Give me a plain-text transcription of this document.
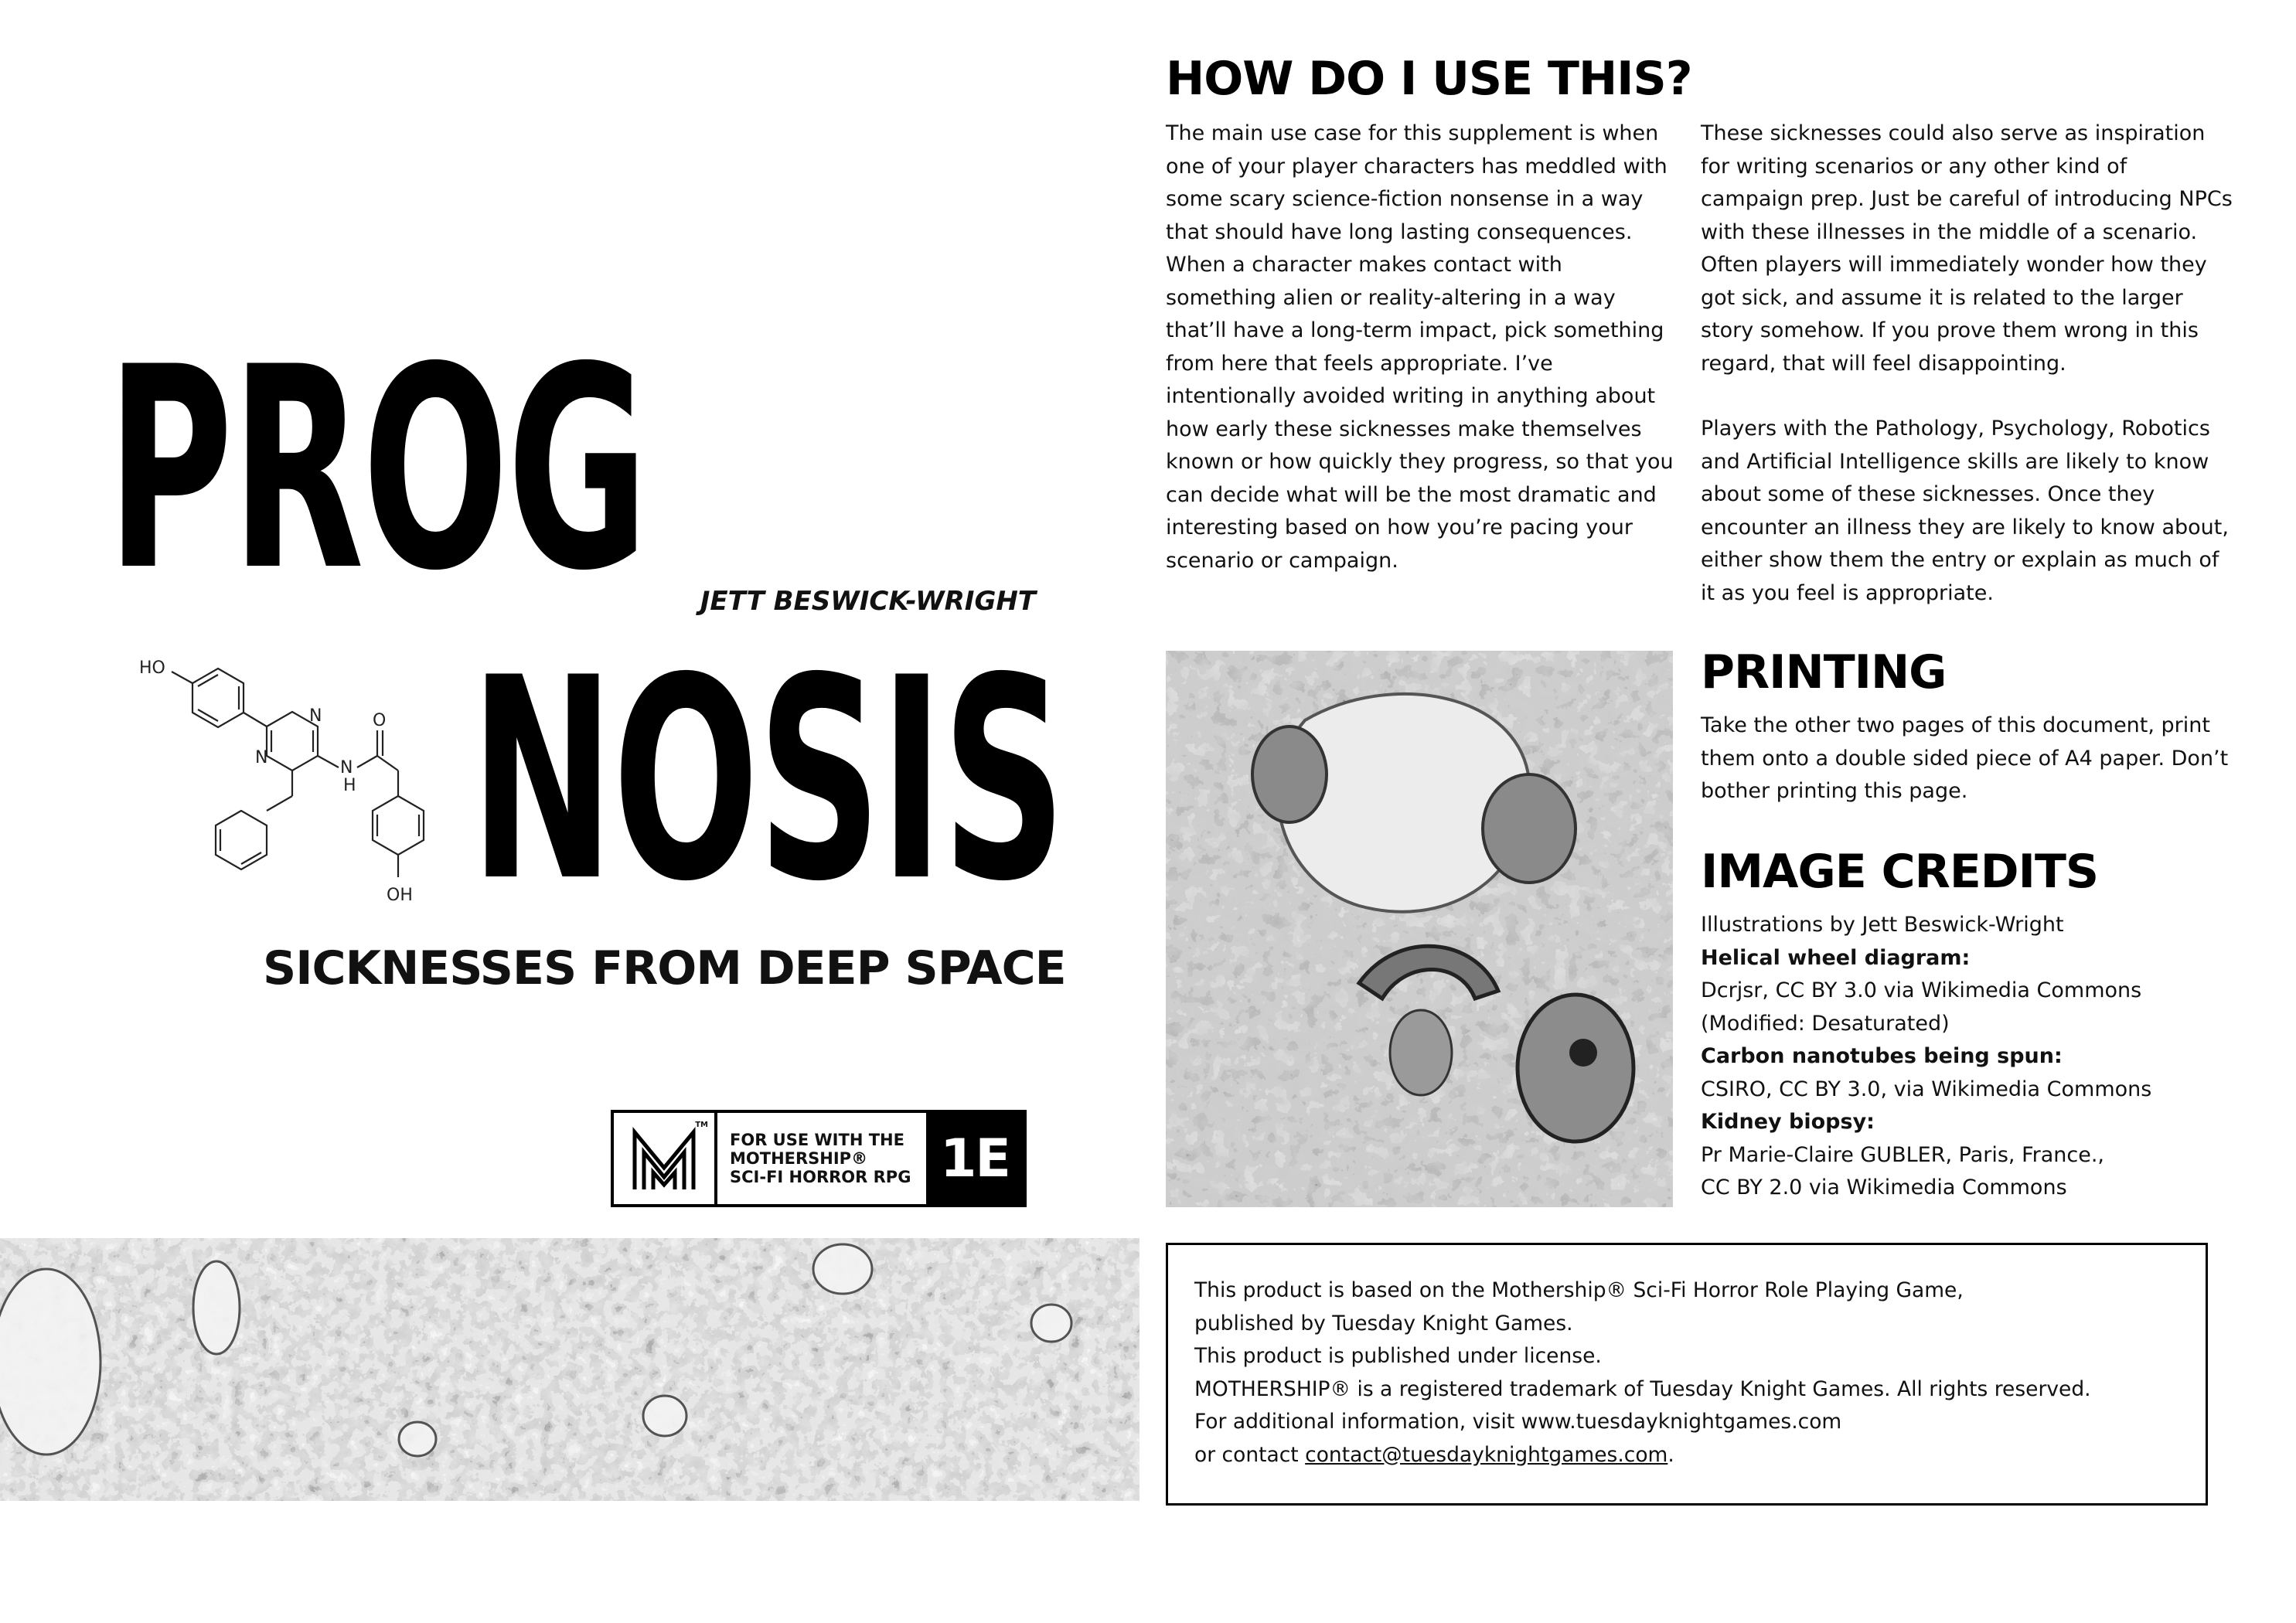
PROG	JETT BESWICK-WRIGHT
HO
N
N
O
N
H
OH NOSIS
SICKNESSES FROM DEEP SPACE
TM
FOR USE WITH THE
MOTHERSHIP®
SCI-FI HORROR RPG 1E
HOW DO I USE THIS?

The main use case for this supplement is when one of your player characters has meddled with some scary science-fiction nonsense in a way that should have long lasting consequences. When a character makes contact with something alien or reality-altering in a way that’ll have a long-term impact, pick something from here that feels appropriate. I’ve intentionally avoided writing in anything about how early these sicknesses make themselves known or how quickly they progress, so that you can decide what will be the most dramatic and interesting based on how you’re pacing your scenario or campaign.

These sicknesses could also serve as inspiration for writing scenarios or any other kind of campaign prep. Just be careful of introducing NPCs with these illnesses in the middle of a scenario. Often players will immediately wonder how they got sick, and assume it is related to the larger story somehow. If you prove them wrong in this regard, that will feel disappointing.

Players with the Pathology, Psychology, Robotics and Artificial Intelligence skills are likely to know about some of these sicknesses. Once they encounter an illness they are likely to know about, either show them the entry or explain as much of it as you feel is appropriate.

PRINTING

Take the other two pages of this document, print them onto a double sided piece of A4 paper. Don’t bother printing this page.

IMAGE CREDITS
Illustrations by Jett Beswick-Wright
Helical wheel diagram:
Dcrjsr, CC BY 3.0 via Wikimedia Commons
(Modified: Desaturated)
Carbon nanotubes being spun:
CSIRO, CC BY 3.0, via Wikimedia Commons
Kidney biopsy:
Pr Marie-Claire GUBLER, Paris, France.,
CC BY 2.0 via Wikimedia Commons
This product is based on the Mothership® Sci-Fi Horror Role Playing Game,
published by Tuesday Knight Games.
This product is published under license.
MOTHERSHIP® is a registered trademark of Tuesday Knight Games. All rights reserved.
For additional information, visit www.tuesdayknightgames.com
or contact contact@tuesdayknightgames.com.
